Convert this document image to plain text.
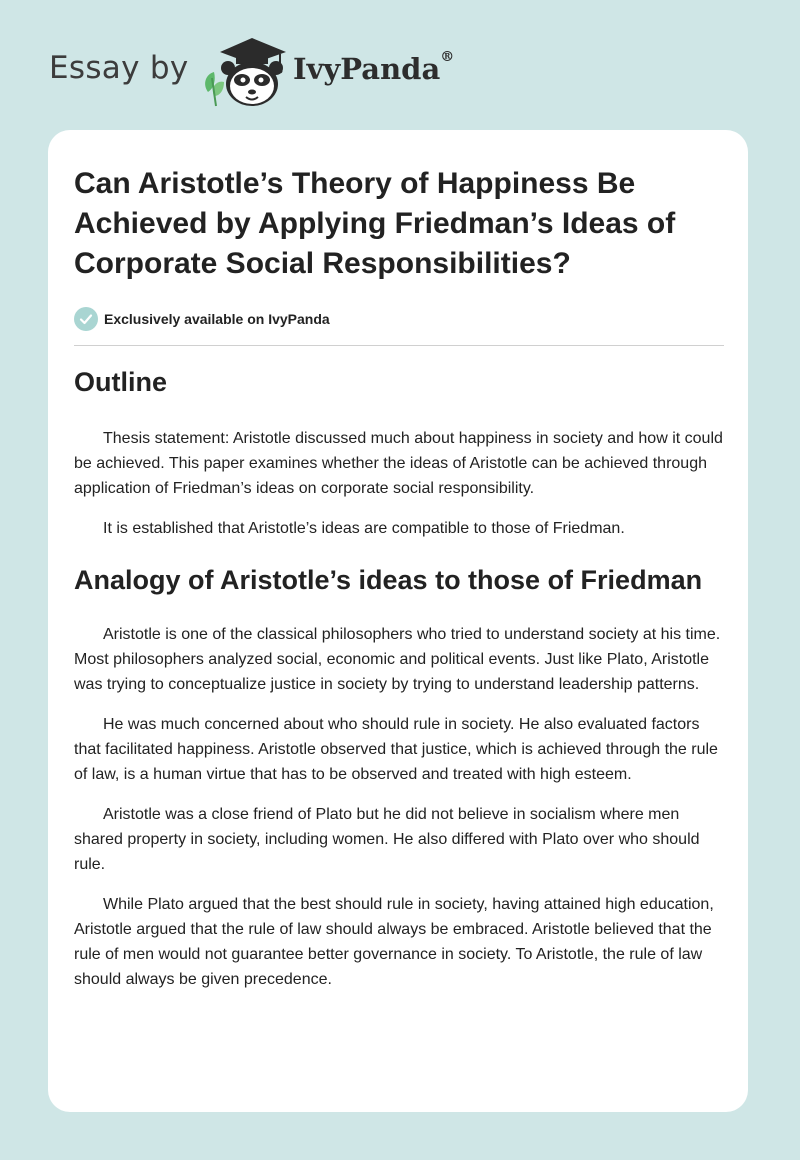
Essay by	IvyPanda®
Can Aristotle’s Theory of Happiness Be Achieved by Applying Friedman’s Ideas of Corporate Social Responsibilities?
Exclusively available on IvyPanda
Outline

Thesis statement: Aristotle discussed much about happiness in society and how it could be achieved. This paper examines whether the ideas of Aristotle can be achieved through application of Friedman’s ideas on corporate social responsibility.

It is established that Aristotle’s ideas are compatible to those of Friedman.

Analogy of Aristotle’s ideas to those of Friedman

Aristotle is one of the classical philosophers who tried to understand society at his time. Most philosophers analyzed social, economic and political events. Just like Plato, Aristotle was trying to conceptualize justice in society by trying to understand leadership patterns.

He was much concerned about who should rule in society. He also evaluated factors that facilitated happiness. Aristotle observed that justice, which is achieved through the rule of law, is a human virtue that has to be observed and treated with high esteem.

Aristotle was a close friend of Plato but he did not believe in socialism where men shared property in society, including women. He also differed with Plato over who should rule.

While Plato argued that the best should rule in society, having attained high education, Aristotle argued that the rule of law should always be embraced. Aristotle believed that the rule of men would not guarantee better governance in society. To Aristotle, the rule of law should always be given precedence.
